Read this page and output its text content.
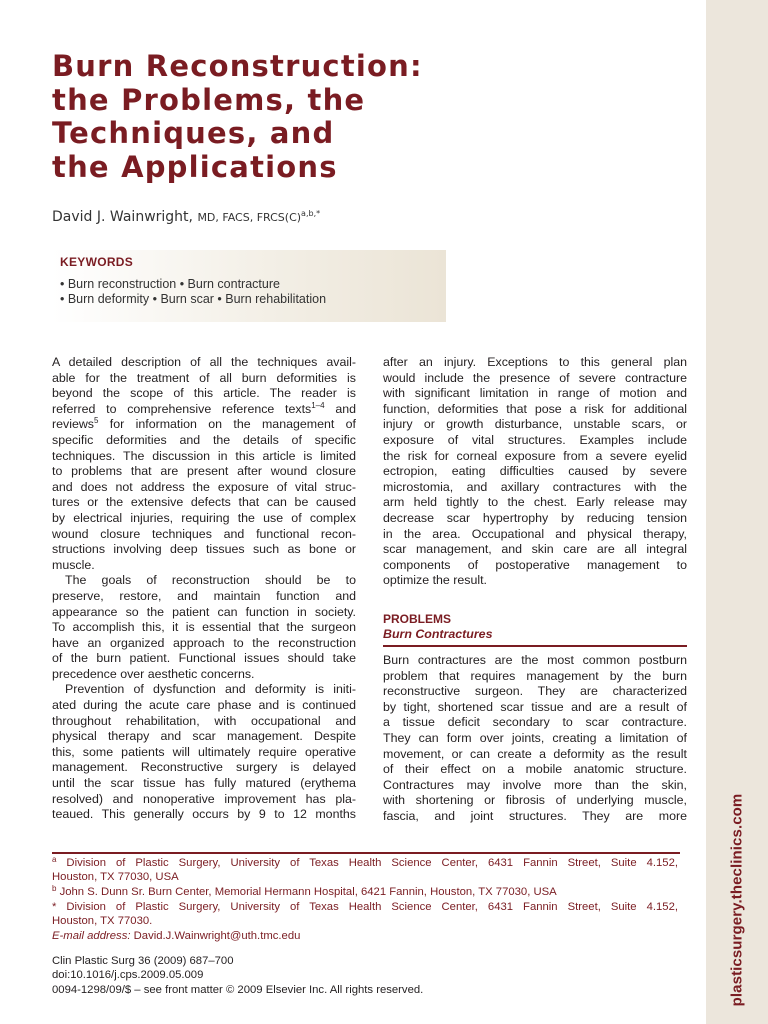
plasticsurgery.theclinics.com
Burn Reconstruction:
the Problems, the
Techniques, and
the Applications
David J. Wainwright, MD, FACS, $FRCS(C)^{a,b,*}$
KEYWORDS
• Burn reconstruction • Burn contracture
• Burn deformity • Burn scar • Burn rehabilitation
A detailed description of all the techniques avail-
able for the treatment of all burn deformities is
beyond the scope of this article. The reader is
referred to comprehensive reference texts$^{1-4}$ and
reviews$^5$ for information on the management of
specific deformities and the details of specific
techniques. The discussion in this article is limited
to problems that are present after wound closure
and does not address the exposure of vital struc-
tures or the extensive defects that can be caused
by electrical injuries, requiring the use of complex
wound closure techniques and functional recon-
structions involving deep tissues such as bone or
muscle.
The goals of reconstruction should be to
preserve, restore, and maintain function and
appearance so the patient can function in society.
To accomplish this, it is essential that the surgeon
have an organized approach to the reconstruction
of the burn patient. Functional issues should take
precedence over aesthetic concerns.
Prevention of dysfunction and deformity is initi-
ated during the acute care phase and is continued
throughout rehabilitation, with occupational and
physical therapy and scar management. Despite
this, some patients will ultimately require operative
management. Reconstructive surgery is delayed
until the scar tissue has fully matured (erythema
resolved) and nonoperative improvement has pla-
teaued. This generally occurs by 9 to 12 months
after an injury. Exceptions to this general plan
would include the presence of severe contracture
with significant limitation in range of motion and
function, deformities that pose a risk for additional
injury or growth disturbance, unstable scars, or
exposure of vital structures. Examples include
the risk for corneal exposure from a severe eyelid
ectropion, eating difficulties caused by severe
microstomia, and axillary contractures with the
arm held tightly to the chest. Early release may
decrease scar hypertrophy by reducing tension
in the area. Occupational and physical therapy,
scar management, and skin care are all integral
components of postoperative management to
optimize the result.
PROBLEMS
Burn Contractures
Burn contractures are the most common postburn
problem that requires management by the burn
reconstructive surgeon. They are characterized
by tight, shortened scar tissue and are a result of
a tissue deficit secondary to scar contracture.
They can form over joints, creating a limitation of
movement, or can create a deformity as the result
of their effect on a mobile anatomic structure.
Contractures may involve more than the skin,
with shortening or fibrosis of underlying muscle,
fascia, and joint structures. They are more
$^a$ Division of Plastic Surgery, University of Texas Health Science Center, 6431 Fannin Street, Suite 4.152,
Houston, TX 77030, USA
$^b$ John S. Dunn Sr. Burn Center, Memorial Hermann Hospital, 6421 Fannin, Houston, TX 77030, USA
* Division of Plastic Surgery, University of Texas Health Science Center, 6431 Fannin Street, Suite 4.152,
Houston, TX 77030.
E-mail address: David.J.Wainwright@uth.tmc.edu
Clin Plastic Surg 36 (2009) 687–700
doi:10.1016/j.cps.2009.05.009
0094-1298/09/$ – see front matter © 2009 Elsevier Inc. All rights reserved.
